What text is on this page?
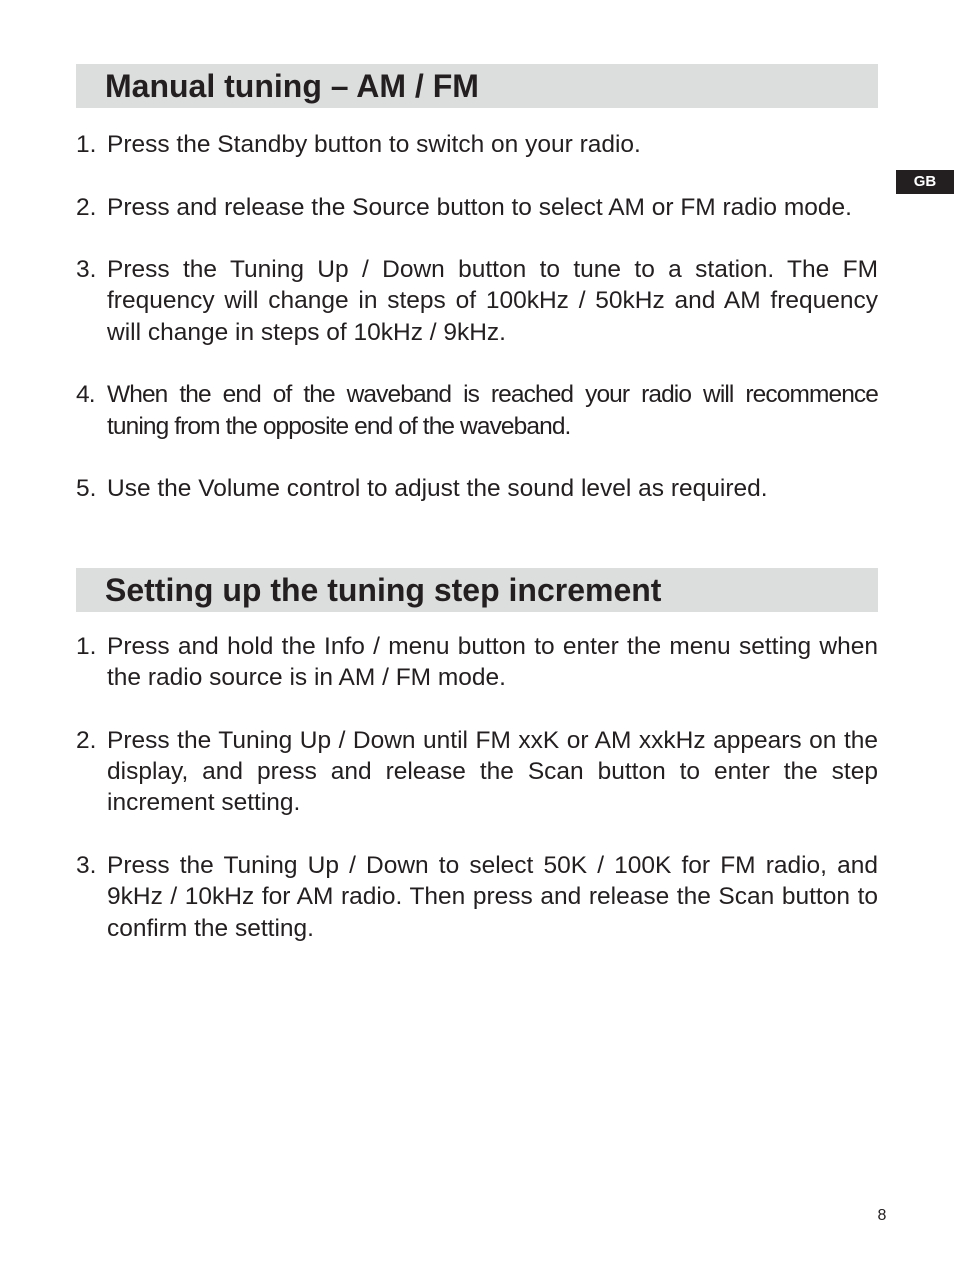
Manual tuning – AM / FM
1. Press the Standby button to switch on your radio.
2. Press and release the Source button to select AM or FM radio mode.
3. Press the Tuning Up / Down button to tune to a station. The FM frequency will change in steps of 100kHz / 50kHz and AM frequency will change in steps of 10kHz / 9kHz.
4. When the end of the waveband is reached your radio will recommence tuning from the opposite end of the waveband.
5. Use the Volume control to adjust the sound level as required.
Setting up the tuning step increment
1. Press and hold the Info / menu button to enter the menu setting when the radio source is in AM / FM mode.
2. Press the Tuning Up / Down until FM xxK or AM xxkHz appears on the display, and press and release the Scan button to enter the step increment setting.
3. Press the Tuning Up / Down to select 50K / 100K for FM radio, and 9kHz / 10kHz for AM radio. Then press and release the Scan button to confirm the setting.
GB
8
